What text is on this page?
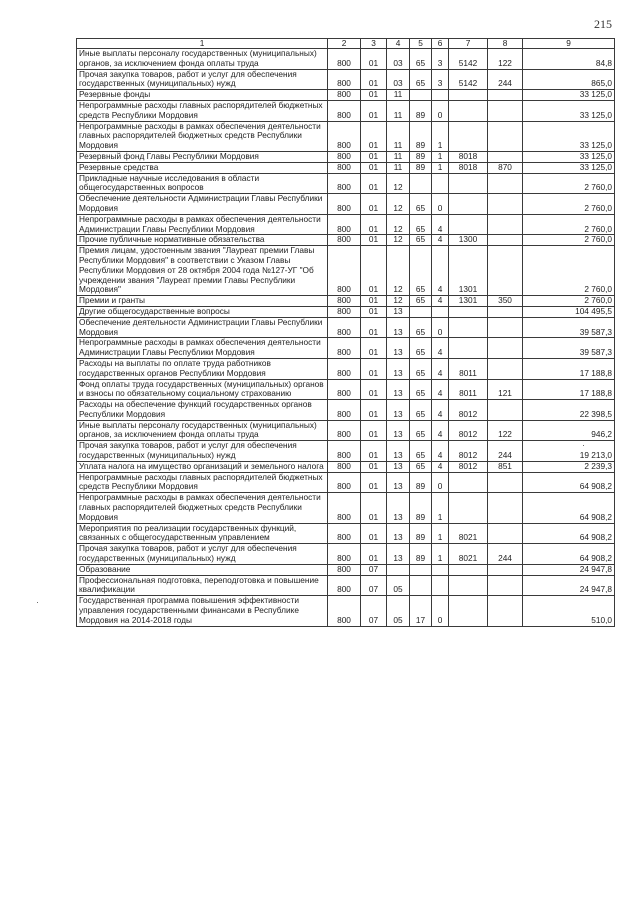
215
1	2	3	4	5	6	7	8	9
Иные выплаты персоналу государственных (муниципальных) органов, за исключением фонда оплаты труда	800	01	03	65	3	5142	122	84,8
Прочая закупка товаров, работ и услуг для обеспечения государственных (муниципальных) нужд	800	01	03	65	3	5142	244	865,0
Резервные фонды	800	01	11					33 125,0
Непрограммные расходы главных распорядителей бюджетных средств Республики Мордовия	800	01	11	89	0			33 125,0
Непрограммные расходы в рамках обеспечения деятельности главных распорядителей бюджетных средств Республики Мордовия	800	01	11	89	1			33 125,0
Резервный фонд Главы Республики Мордовия	800	01	11	89	1	8018		33 125,0
Резервные средства	800	01	11	89	1	8018	870	33 125,0
Прикладные научные исследования в области общегосударственных вопросов	800	01	12					2 760,0
Обеспечение деятельности Администрации Главы Республики Мордовия	800	01	12	65	0			2 760,0
Непрограммные расходы в рамках обеспечения деятельности Администрации Главы Республики Мордовия	800	01	12	65	4			2 760,0
Прочие публичные нормативные обязательства	800	01	12	65	4	1300		2 760,0
Премия лицам, удостоенным звания "Лауреат премии Главы Республики Мордовия" в соответствии с Указом Главы Республики Мордовия от 28 октября 2004 года №127-УГ "Об учреждении звания "Лауреат премии Главы Республики Мордовия"	800	01	12	65	4	1301		2 760,0
Премии и гранты	800	01	12	65	4	1301	350	2 760,0
Другие общегосударственные вопросы	800	01	13					104 495,5
Обеспечение деятельности Администрации Главы Республики Мордовия	800	01	13	65	0			39 587,3
Непрограммные расходы в рамках обеспечения деятельности Администрации Главы Республики Мордовия	800	01	13	65	4			39 587,3
Расходы на выплаты по оплате труда работников государственных органов Республики Мордовия	800	01	13	65	4	8011		17 188,8
Фонд оплаты труда государственных (муниципальных) органов и взносы по обязательному социальному страхованию	800	01	13	65	4	8011	121	17 188,8
Расходы на обеспечение функций государственных органов Республики Мордовия	800	01	13	65	4	8012		22 398,5
Иные выплаты персоналу государственных (муниципальных) органов, за исключением фонда оплаты труда	800	01	13	65	4	8012	122	946,2
Прочая закупка товаров, работ и услуг для обеспечения государственных (муниципальных) нужд	800	01	13	65	4	8012	244	19 213,0
Уплата налога на имущество организаций и земельного налога	800	01	13	65	4	8012	851	2 239,3
Непрограммные расходы главных распорядителей бюджетных средств Республики Мордовия	800	01	13	89	0			64 908,2
Непрограммные расходы в рамках обеспечения деятельности главных распорядителей бюджетных средств Республики Мордовия	800	01	13	89	1			64 908,2
Мероприятия по реализации государственных функций, связанных с общегосударственным управлением	800	01	13	89	1	8021		64 908,2
Прочая закупка товаров, работ и услуг для обеспечения государственных (муниципальных) нужд	800	01	13	89	1	8021	244	64 908,2
Образование	800	07						24 947,8
Профессиональная подготовка, переподготовка и повышение квалификации	800	07	05					24 947,8
Государственная программа повышения эффективности управления государственными финансами в Республике Мордовия на 2014-2018 годы	800	07	05	17	0			510,0
·
·
